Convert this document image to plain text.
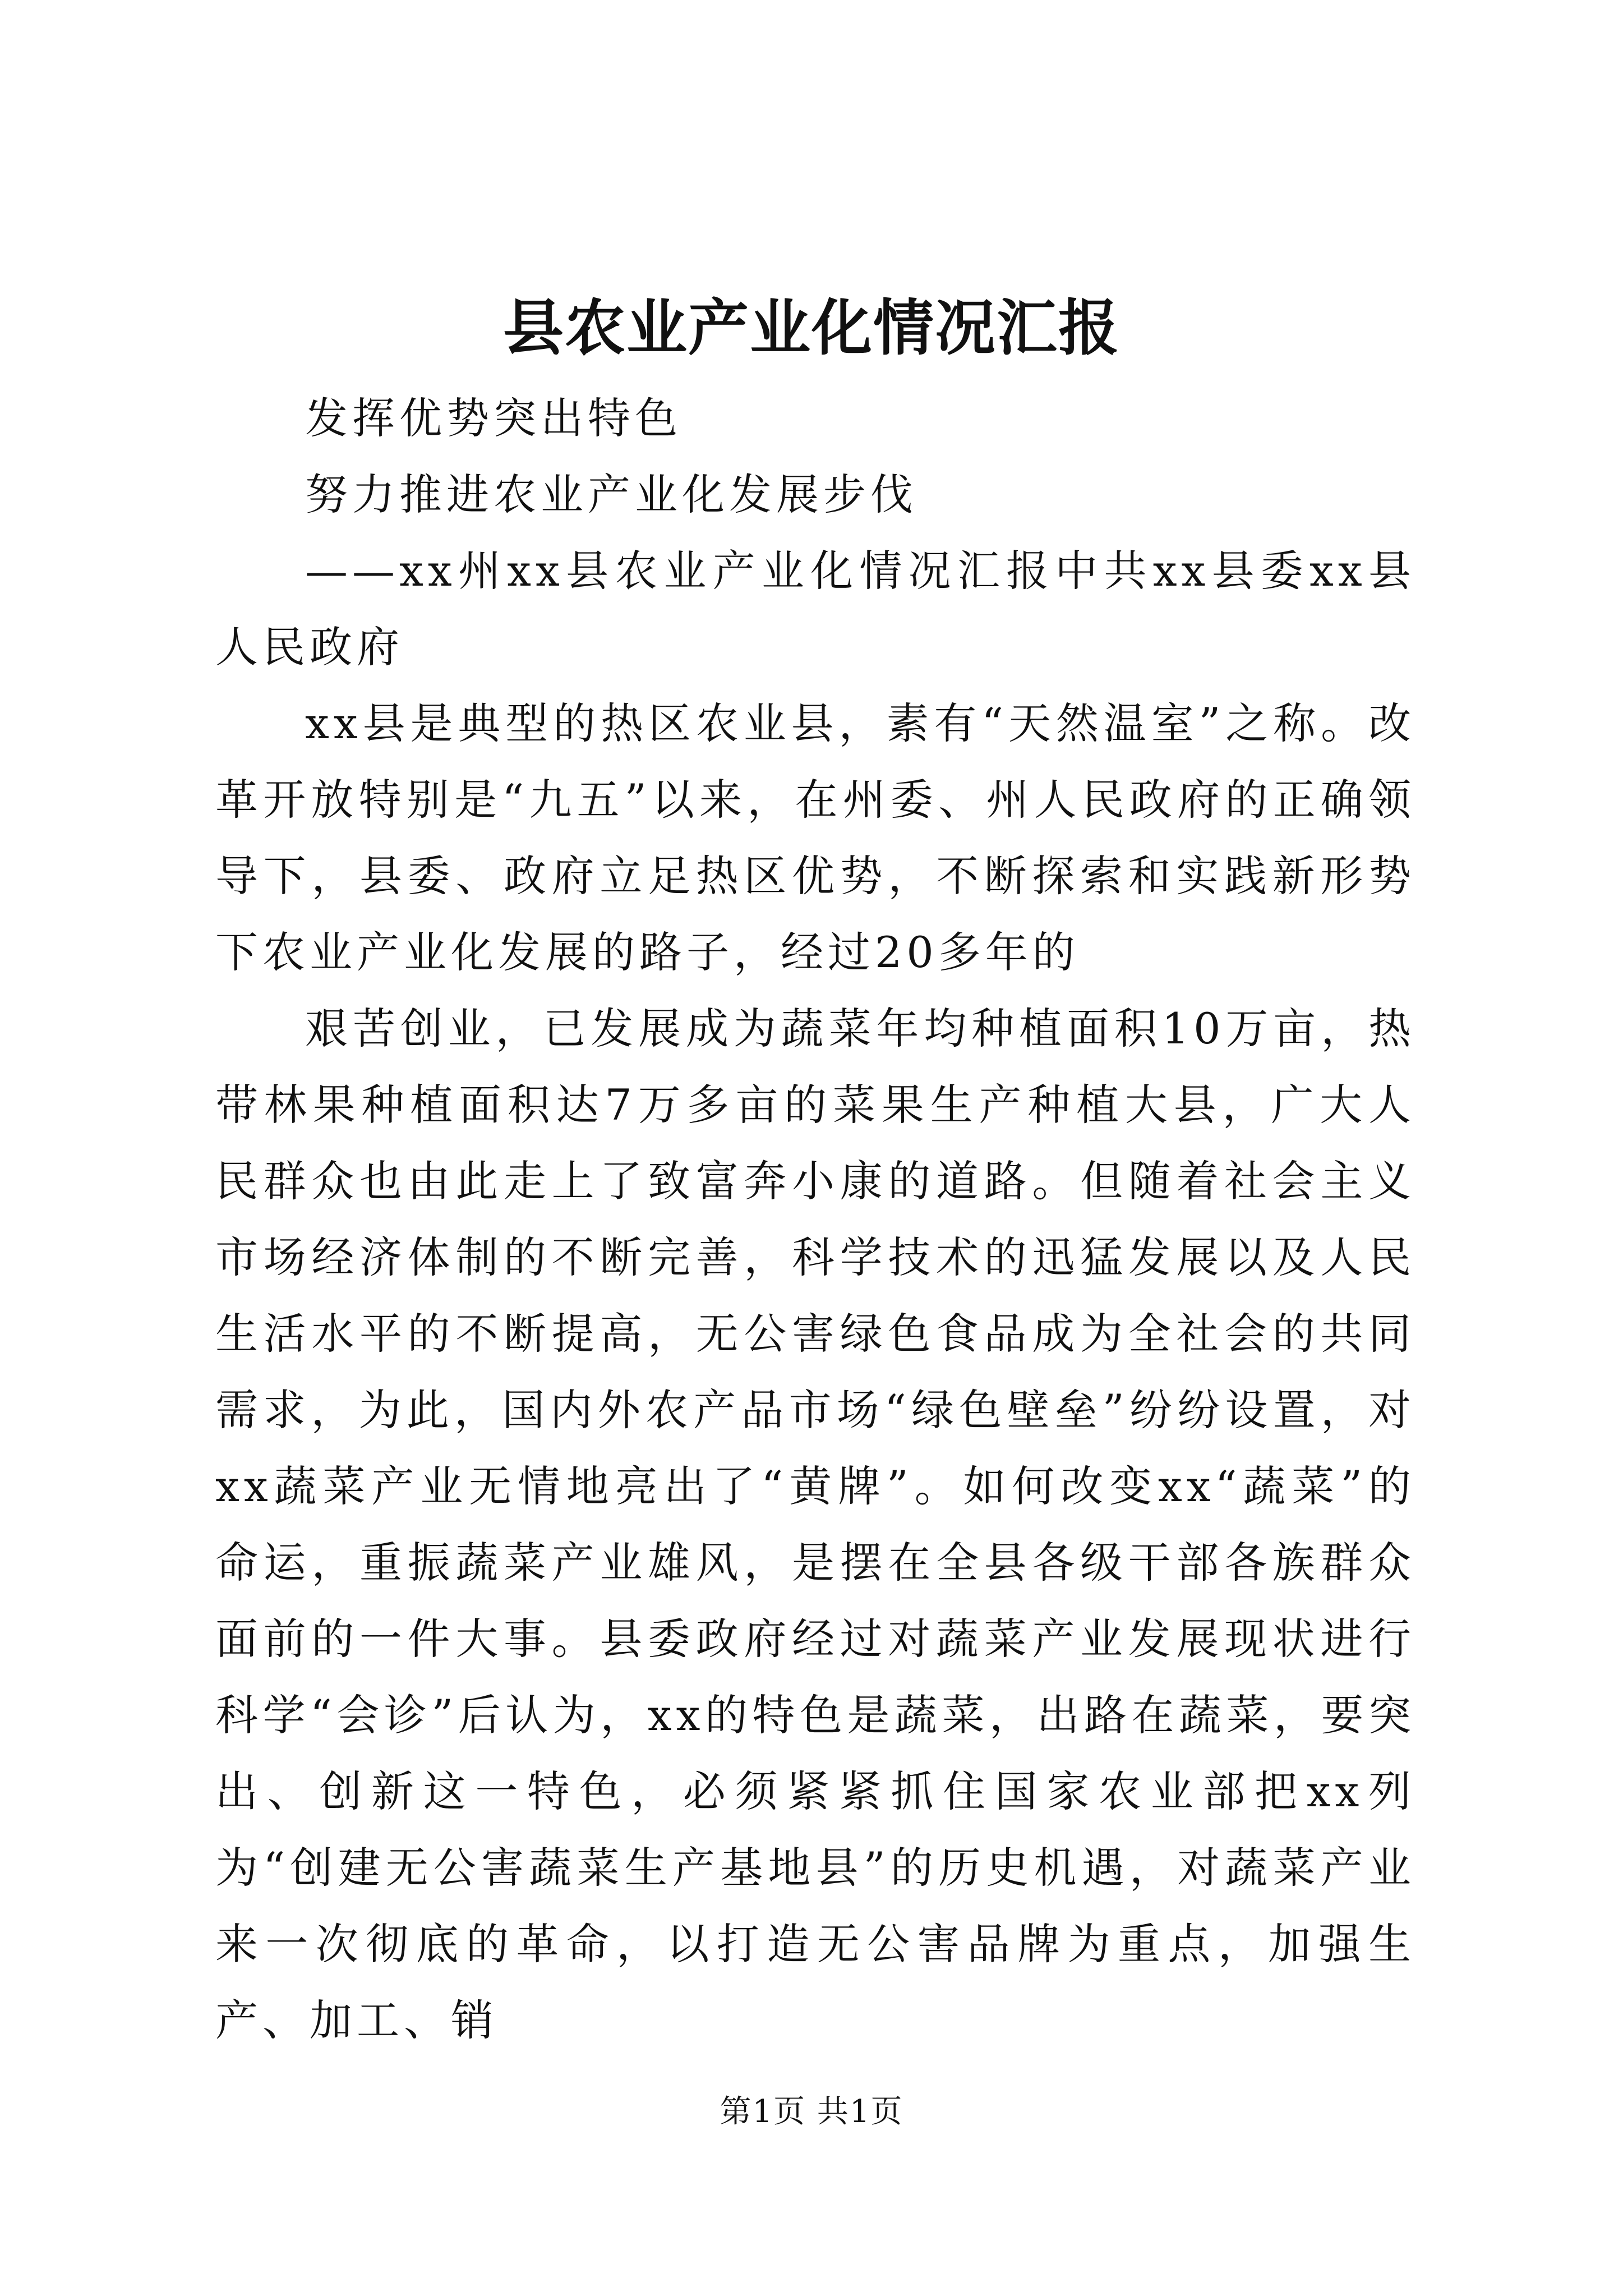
县农业产业化情况汇报

发挥优势突出特色

努力推进农业产业化发展步伐

——xx州xx县农业产业化情况汇报中共xx县委xx县人民政府

xx县是典型的热区农业县，素有“天然温室”之称。改革开放特别是“九五”以来，在州委、州人民政府的正确领导下，县委、政府立足热区优势，不断探索和实践新形势下农业产业化发展的路子，经过20多年的

艰苦创业，已发展成为蔬菜年均种植面积10万亩，热带林果种植面积达7万多亩的菜果生产种植大县，广大人民群众也由此走上了致富奔小康的道路。但随着社会主义市场经济体制的不断完善，科学技术的迅猛发展以及人民生活水平的不断提高，无公害绿色食品成为全社会的共同需求，为此，国内外农产品市场“绿色壁垒”纷纷设置，对xx蔬菜产业无情地亮出了“黄牌”。如何改变xx“蔬菜”的命运，重振蔬菜产业雄风，是摆在全县各级干部各族群众面前的一件大事。县委政府经过对蔬菜产业发展现状进行科学“会诊”后认为，xx的特色是蔬菜，出路在蔬菜，要突出、创新这一特色，必须紧紧抓住国家农业部把xx列为“创建无公害蔬菜生产基地县”的历史机遇，对蔬菜产业来一次彻底的革命，以打造无公害品牌为重点，加强生产、加工、销

第1页 共1页
